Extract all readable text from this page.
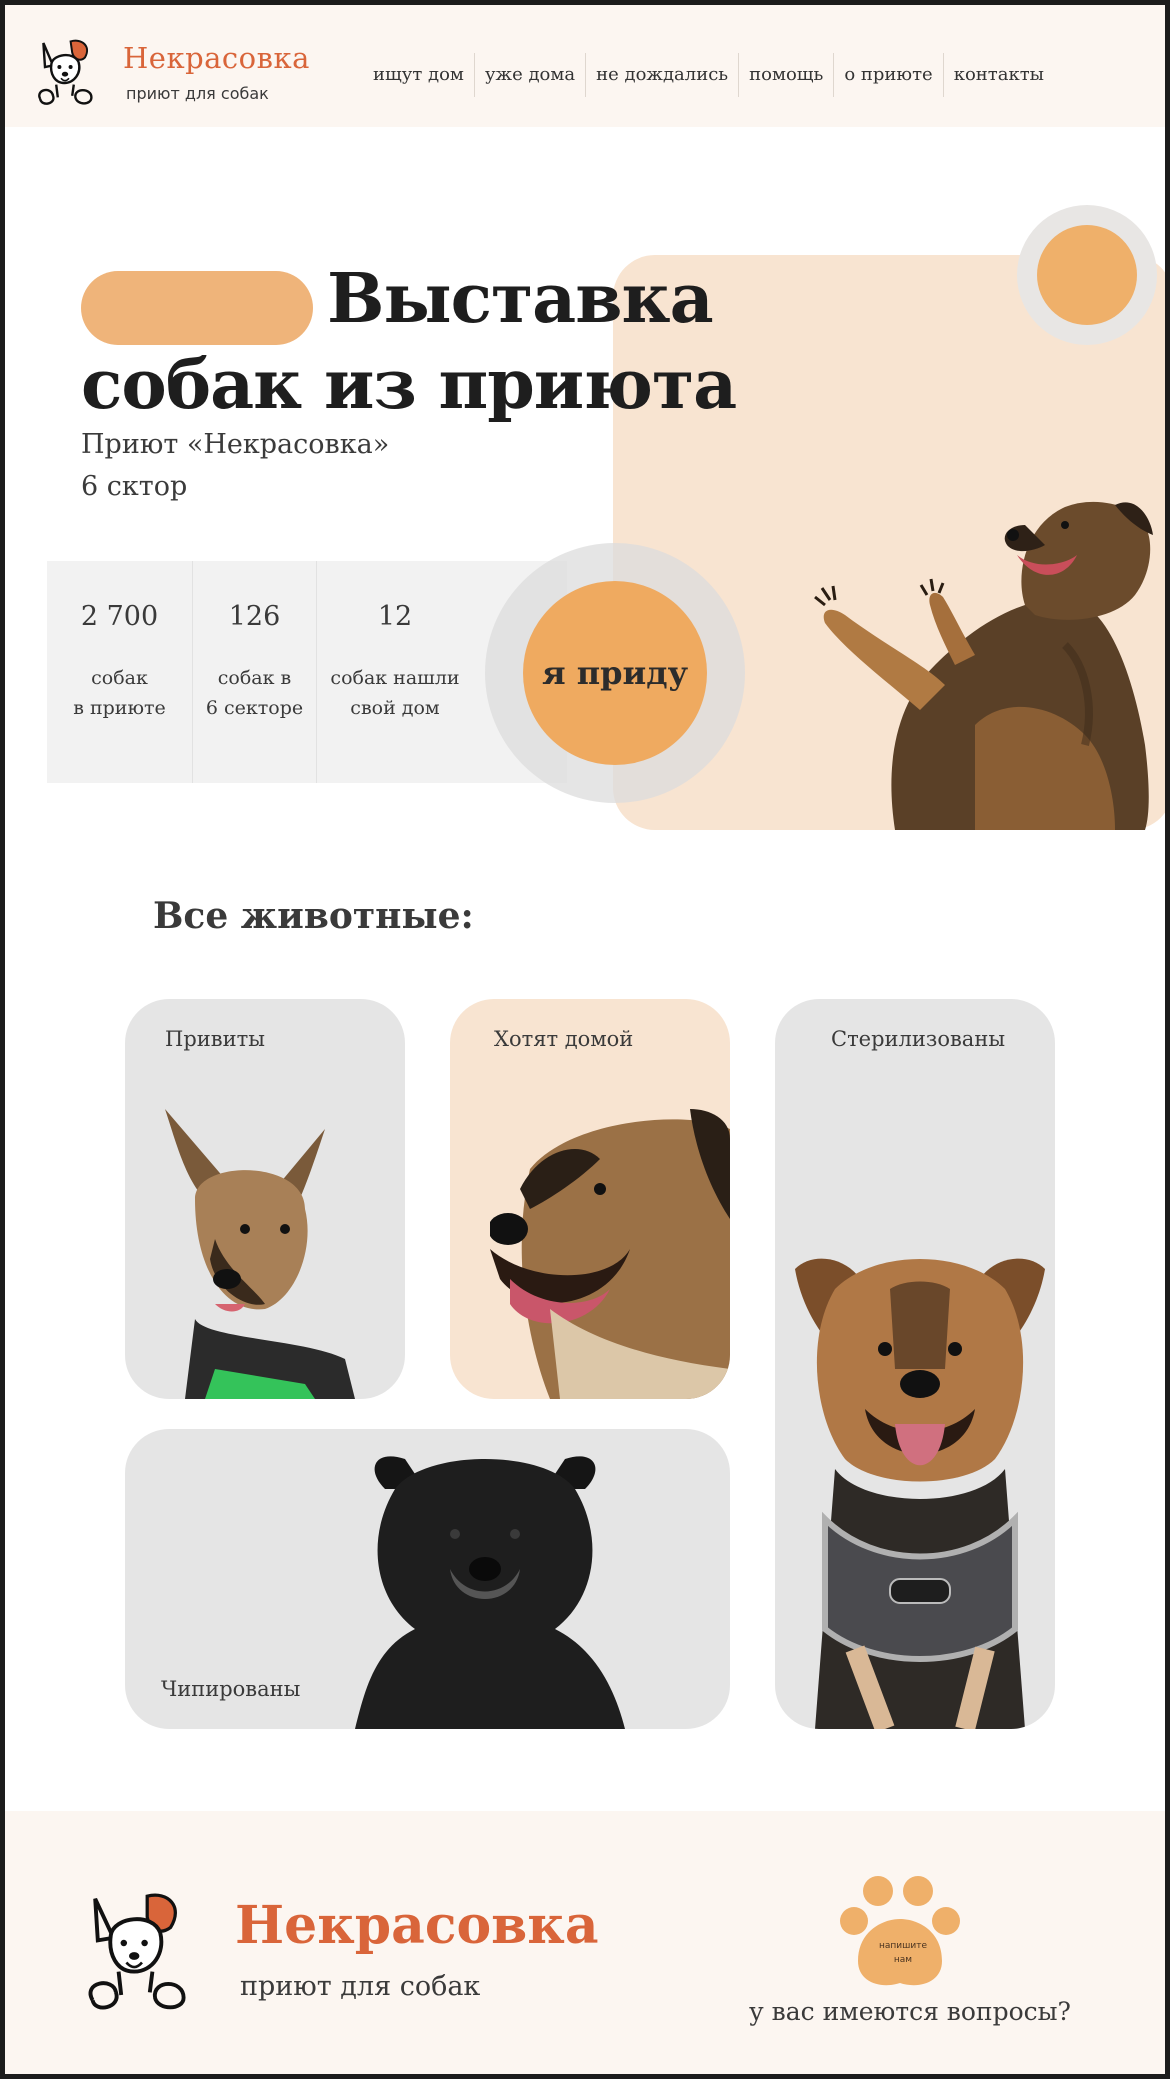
Некрасовка
приют для собак
ищут дом	уже дома	не дождались	помощь	о приюте	контакты
Выставка
собак из приюта
Приют «Некрасовка»
6 сктор
2 700
собак
в приюте
126
собак в
6 секторе
12
собак нашли
свой дом
я приду
Все животные:
Привиты	Хотят домой	Стерилизованы
Чипированы
Некрасовка
приют для собак
напишите
нам
у вас имеются вопросы?
